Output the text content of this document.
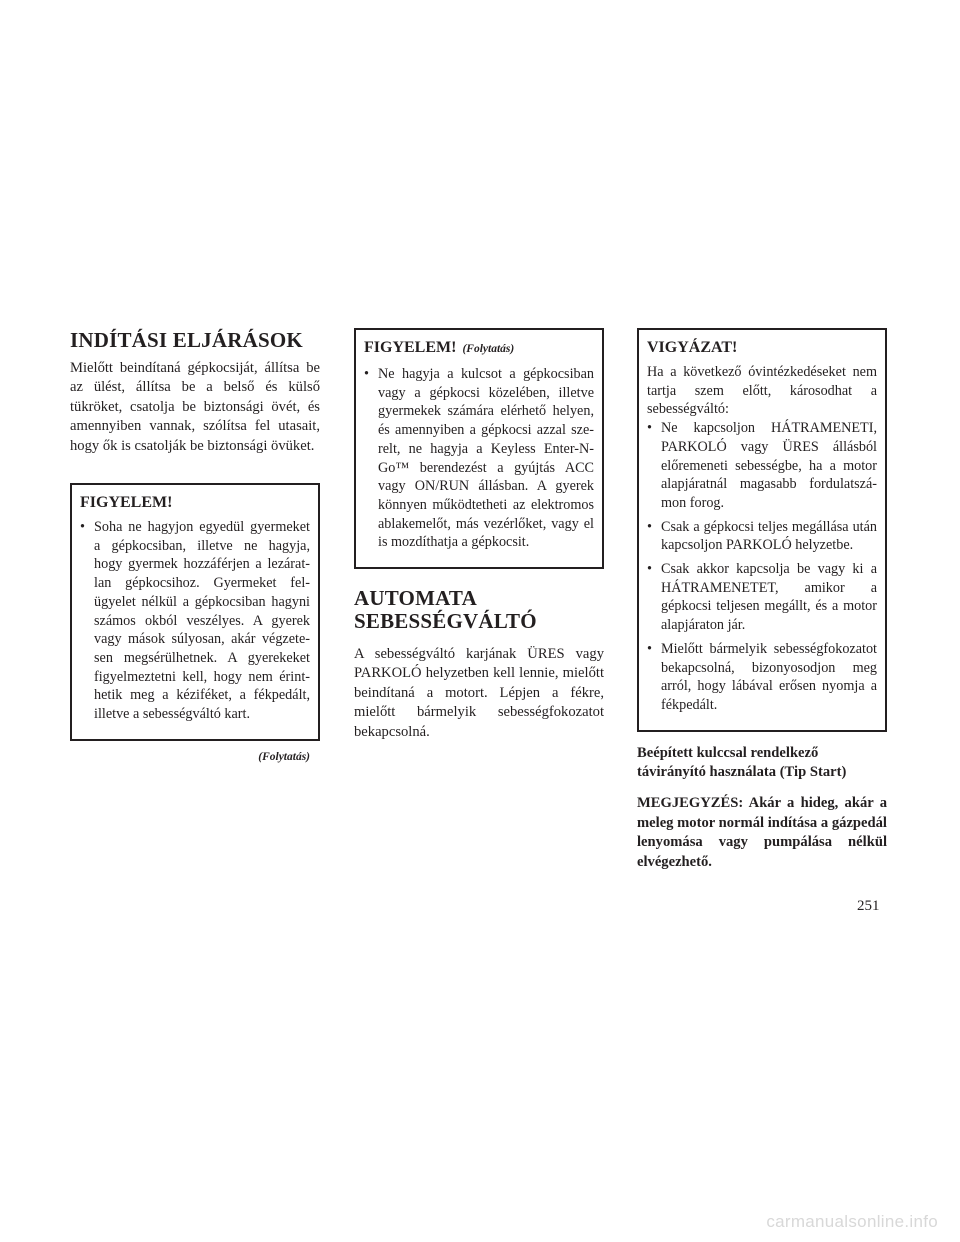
INDÍTÁSI ELJÁRÁSOK

Mielőtt beindítaná gépkocsiját, állítsa be az ülést, állítsa be a belső és külső tükröket, csatolja be biztonsági övét, és amennyiben vannak, szólítsa fel utasait, hogy ők is csatolják be biztonsági övüket.

FIGYELEM!
• Soha ne hagyjon egyedül gyermeket a gépkocsiban, illetve ne hagyja, hogy gyermek hozzáférjen a lezáratlan gépkocsihoz. Gyermeket felügyelet nélkül a gépkocsiban hagyni számos okból veszélyes. A gyerek vagy mások súlyosan, akár végzetesen megsérülhetnek. A gyerekeket figyelmeztetni kell, hogy nem érinthetik meg a kéziféket, a fékpedált, illetve a sebességváltó kart.
(Folytatás)
FIGYELEM! (Folytatás)
• Ne hagyja a kulcsot a gépkocsiban vagy a gépkocsi közelében, illetve gyermekek számára elérhető helyen, és amennyiben a gépkocsi azzal szerelt, ne hagyja a Keyless Enter-N-Go™ berendezést a gyújtás ACC vagy ON/RUN állásban. A gyerek könnyen működtetheti az elektromos ablakemelőt, más vezérlőket, vagy el is mozdíthatja a gépkocsit.
AUTOMATA
SEBESSÉGVÁLTÓ

A sebességváltó karjának ÜRES vagy PARKOLÓ helyzetben kell lennie, mielőtt beindítaná a motort. Lépjen a fékre, mielőtt bármelyik sebességfokozatot bekapcsolná.

VIGYÁZAT!

Ha a következő óvintézkedéseket nem tartja szem előtt, károsodhat a sebességváltó:

• Ne kapcsoljon HÁTRAMENETI, PARKOLÓ vagy ÜRES állásból előremeneti sebességbe, ha a motor alapjáratnál magasabb fordulatszámon forog.
• Csak a gépkocsi teljes megállása után kapcsoljon PARKOLÓ helyzetbe.
• Csak akkor kapcsolja be vagy ki a HÁTRAMENETET, amikor a gépkocsi teljesen megállt, és a motor alapjáraton jár.
• Mielőtt bármelyik sebességfokozatot bekapcsolná, bizonyosodjon meg arról, hogy lábával erősen nyomja a fékpedált.
Beépített kulccsal rendelkező távirányító használata (Tip Start)
MEGJEGYZÉS: Akár a hideg, akár a meleg motor normál indítása a gázpedál lenyomása vagy pumpálása nélkül elvégezhető.
251
carmanualsonline.info
